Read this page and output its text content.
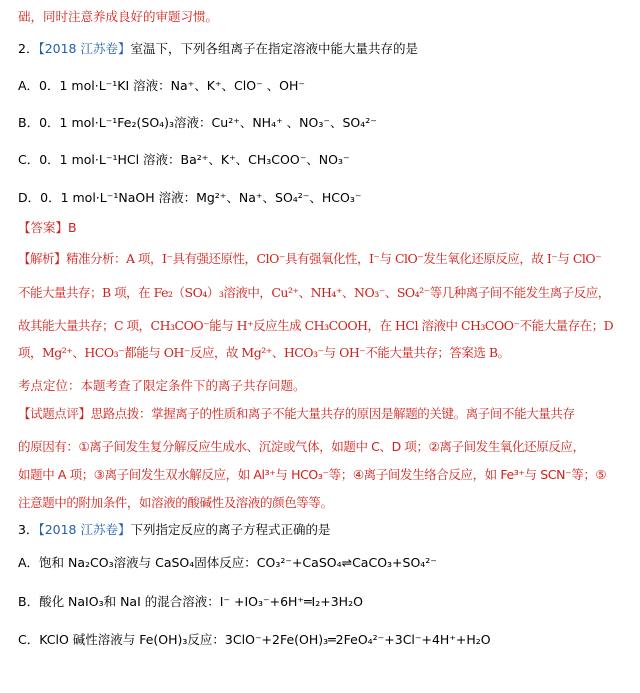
础，同时注意养成良好的审题习惯。
2．【2018 江苏卷】室温下，下列各组离子在指定溶液中能大量共存的是
A．0．1 mol·L⁻¹KI 溶液：Na⁺、K⁺、ClO⁻ 、OH⁻
B．0．1 mol·L⁻¹Fe₂(SO₄)₃溶液：Cu²⁺、NH₄⁺ 、NO₃⁻、SO₄²⁻
C．0．1 mol·L⁻¹HCl 溶液：Ba²⁺、K⁺、CH₃COO⁻、NO₃⁻
D．0．1 mol·L⁻¹NaOH 溶液：Mg²⁺、Na⁺、SO₄²⁻、HCO₃⁻
【答案】B
【解析】精准分析：A 项，I⁻具有强还原性，ClO⁻具有强氧化性，I⁻与 ClO⁻发生氧化还原反应，故 I⁻与 ClO⁻
不能大量共存；B 项，在 Fe₂（SO₄）₃溶液中，Cu²⁺、NH₄⁺、NO₃⁻、SO₄²⁻等几种离子间不能发生离子反应，
故其能大量共存；C 项，CH₃COO⁻能与 H⁺反应生成 CH₃COOH，在 HCl 溶液中 CH₃COO⁻不能大量存在；D
项，Mg²⁺、HCO₃⁻都能与 OH⁻反应，故 Mg²⁺、HCO₃⁻与 OH⁻不能大量共存；答案选 B。
考点定位：本题考查了限定条件下的离子共存问题。
【试题点评】思路点拨：掌握离子的性质和离子不能大量共存的原因是解题的关键。离子间不能大量共存
的原因有：①离子间发生复分解反应生成水、沉淀或气体，如题中 C、D 项；②离子间发生氧化还原反应，
如题中 A 项；③离子间发生双水解反应，如 Al³⁺与 HCO₃⁻等；④离子间发生络合反应，如 Fe³⁺与 SCN⁻等；⑤
注意题中的附加条件，如溶液的酸碱性及溶液的颜色等等。
3．【2018 江苏卷】下列指定反应的离子方程式正确的是
A．饱和 Na₂CO₃溶液与 CaSO₄固体反应：CO₃²⁻+CaSO₄⇌CaCO₃+SO₄²⁻
B．酸化 NaIO₃和 NaI 的混合溶液：I⁻ +IO₃⁻+6H⁺═I₂+3H₂O
C．KClO 碱性溶液与 Fe(OH)₃反应：3ClO⁻+2Fe(OH)₃═2FeO₄²⁻+3Cl⁻+4H⁺+H₂O
